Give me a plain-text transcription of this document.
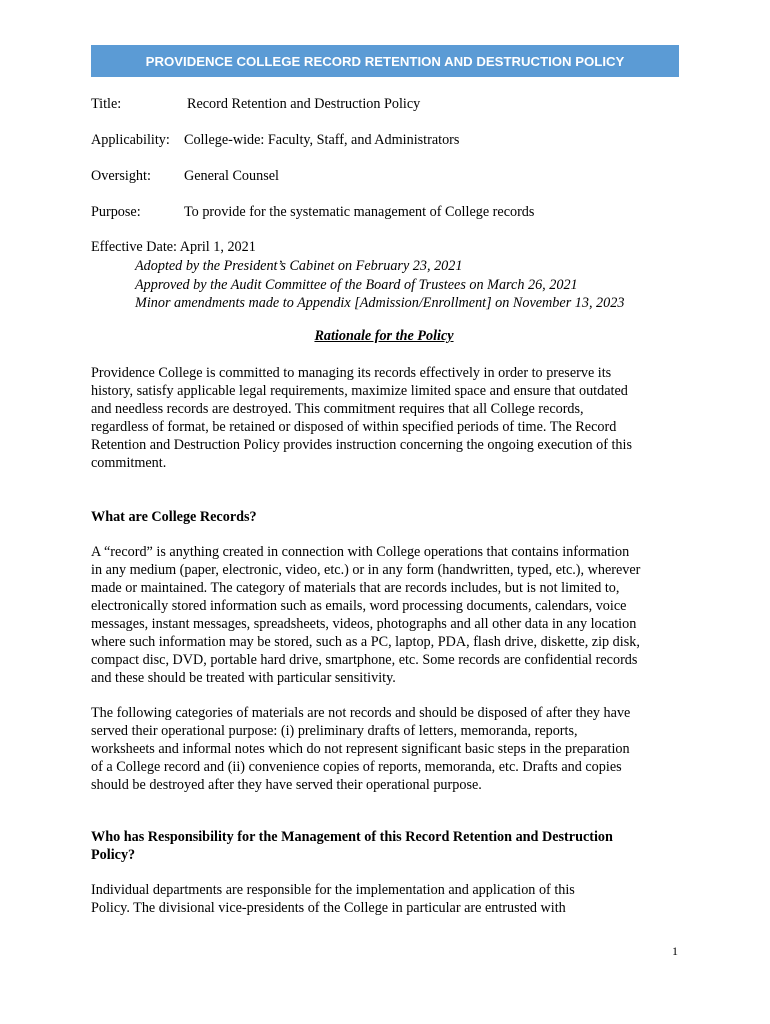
PROVIDENCE COLLEGE RECORD RETENTION AND DESTRUCTION POLICY
Title:	Record Retention and Destruction Policy
Applicability: College-wide: Faculty, Staff, and Administrators
Oversight: General Counsel
Purpose:	To provide for the systematic management of College records
Effective Date: April 1, 2021
Adopted by the President’s Cabinet on February 23, 2021
Approved by the Audit Committee of the Board of Trustees on March 26, 2021
Minor amendments made to Appendix [Admission/Enrollment] on November 13, 2023
Rationale for the Policy
Providence College is committed to managing its records effectively in order to preserve its
history, satisfy applicable legal requirements, maximize limited space and ensure that outdated
and needless records are destroyed. This commitment requires that all College records,
regardless of format, be retained or disposed of within specified periods of time. The Record
Retention and Destruction Policy provides instruction concerning the ongoing execution of this
commitment.
What are College Records?
A “record” is anything created in connection with College operations that contains information
in any medium (paper, electronic, video, etc.) or in any form (handwritten, typed, etc.), wherever
made or maintained. The category of materials that are records includes, but is not limited to,
electronically stored information such as emails, word processing documents, calendars, voice
messages, instant messages, spreadsheets, videos, photographs and all other data in any location
where such information may be stored, such as a PC, laptop, PDA, flash drive, diskette, zip disk,
compact disc, DVD, portable hard drive, smartphone, etc. Some records are confidential records
and these should be treated with particular sensitivity.
The following categories of materials are not records and should be disposed of after they have
served their operational purpose: (i) preliminary drafts of letters, memoranda, reports,
worksheets and informal notes which do not represent significant basic steps in the preparation
of a College record and (ii) convenience copies of reports, memoranda, etc. Drafts and copies
should be destroyed after they have served their operational purpose.
Who has Responsibility for the Management of this Record Retention and Destruction
Policy?
Individual departments are responsible for the implementation and application of this
Policy. The divisional vice-presidents of the College in particular are entrusted with
1
